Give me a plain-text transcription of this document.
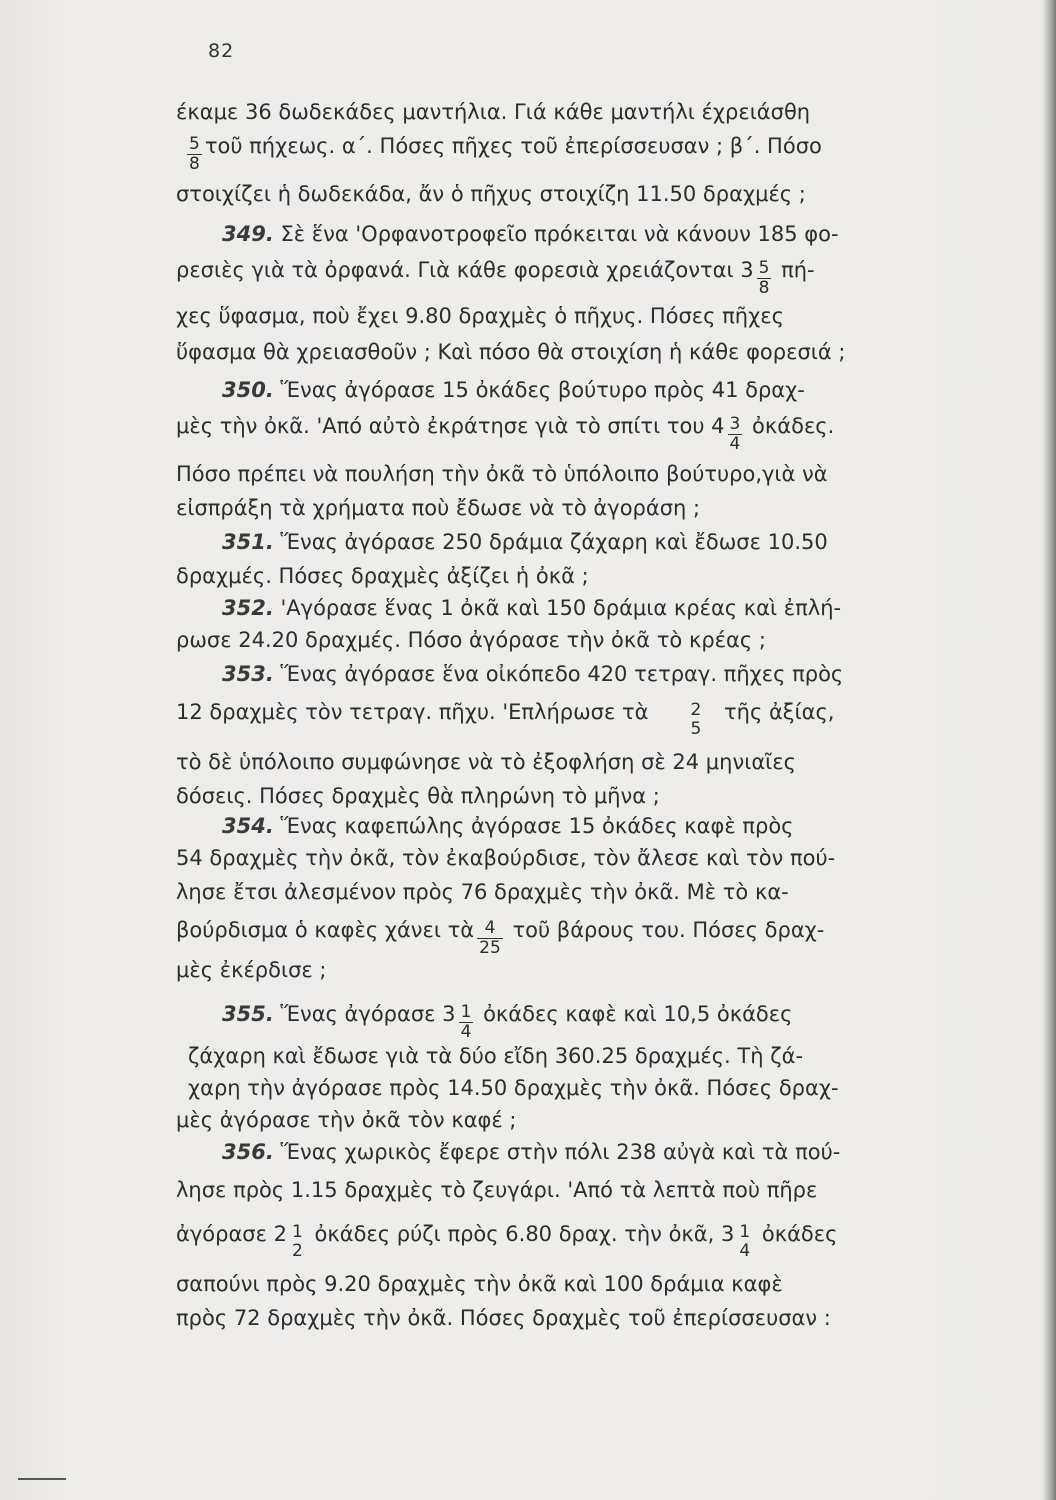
82
έκαμε 36 δωδεκάδες μαντήλια. Γιά κάθε μαντήλι έχρειάσθη
$\frac{5}{8}$ τοῦ πήχεως. α΄. Πόσες πῆχες τοῦ ἐπερίσσευσαν ; β΄. Πόσο
στοιχίζει ἡ δωδεκάδα, ἄν ὁ πῆχυς στοιχίζη 11.50 δραχμές ;
349. Σὲ ἕνα 'Ορφανοτροφεῖο πρόκειται νὰ κάνουν 185 φο-
ρεσιὲς γιὰ τὰ ὀρφανά. Γιὰ κάθε φορεσιὰ χρειάζονται $3 \frac{5}{8} \pi ή-$
χες ὕφασμα, ποὺ ἔχει 9.80 δραχμὲς ὁ πῆχυς. Πόσες πῆχες
ὕφασμα θὰ χρειασθοῦν ; Καὶ πόσο θὰ στοιχίση ἡ κάθε φορεσιά ;
350. Ἕνας ἀγόρασε 15 ὀκάδες βούτυρο πρὸς 41 δραχ-
μὲς τὴν ὀκᾶ. 'Από αὐτὸ ἐκράτησε γιὰ τὸ σπίτι του $4 \frac{3}{4}$ ὀκάδες.
Πόσο πρέπει νὰ πουλήση τὴν ὀκᾶ τὸ ὑπόλοιπο βούτυρο,γιὰ νὰ
εἰσπράξη τὰ χρήματα ποὺ ἔδωσε νὰ τὸ ἀγοράση ;
351. Ἕνας ἀγόρασε 250 δράμια ζάχαρη καὶ ἔδωσε 10.50
δραχμές. Πόσες δραχμὲς ἀξίζει ἡ ὀκᾶ ;
352. 'Αγόρασε ἕνας 1 ὀκᾶ καὶ 150 δράμια κρέας καὶ ἐπλή-
ρωσε 24.20 δραχμές. Πόσο ἀγόρασε τὴν ὀκᾶ τὸ κρέας ;
353. Ἕνας ἀγόρασε ἕνα οἰκόπεδο 420 τετραγ. πῆχες πρὸς
12 δραχμὲς τὸν τετραγ. πῆχυ. 'Επλήρωσε τὰ 2
5
τῆς ἀξίας,
τὸ δὲ ὑπόλοιπο συμφώνησε νὰ τὸ ἐξοφλήση σὲ 24 μηνιαῖες
δόσεις. Πόσες δραχμὲς θὰ πληρώνη τὸ μῆνα ;
354. Ἕνας καφεπώλης ἀγόρασε 15 ὀκάδες καφὲ πρὸς
54 δραχμὲς τὴν ὀκᾶ, τὸν ἐκαβούρδισε, τὸν ἄλεσε καὶ τὸν πού-
λησε ἔτσι ἀλεσμένον πρὸς 76 δραχμὲς τὴν ὀκᾶ. Μὲ τὸ κα-
βούρδισμα ὁ καφὲς χάνει τὰ $\frac{4}{25}$ τοῦ βάρους του. Πόσες δραχ-
μὲς ἐκέρδισε ;
355. Ἕνας ἀγόρασε $3 \frac{1}{4}$ ὀκάδες καφὲ καὶ 10,5 ὀκάδες
ζάχαρη καὶ ἔδωσε γιὰ τὰ δύο εἴδη 360.25 δραχμές. Τὴ ζά-
χαρη τὴν ἀγόρασε πρὸς 14.50 δραχμὲς τὴν ὀκᾶ. Πόσες δραχ-
μὲς ἀγόρασε τὴν ὀκᾶ τὸν καφέ ;
356. Ἕνας χωρικὸς ἔφερε στὴν πόλι 238 αὐγὰ καὶ τὰ πού-
λησε πρὸς 1.15 δραχμὲς τὸ ζευγάρι. 'Από τὰ λεπτὰ ποὺ πῆρε
ἀγόρασε 2 1
2
ὀκάδες ρύζι πρὸς 6.80 δραχ. τὴν ὀκᾶ, 3 1
4
ὀκάδες
σαπούνι πρὸς 9.20 δραχμὲς τὴν ὀκᾶ καὶ 100 δράμια καφὲ
πρὸς 72 δραχμὲς τὴν ὀκᾶ. Πόσες δραχμὲς τοῦ ἐπερίσσευσαν :
